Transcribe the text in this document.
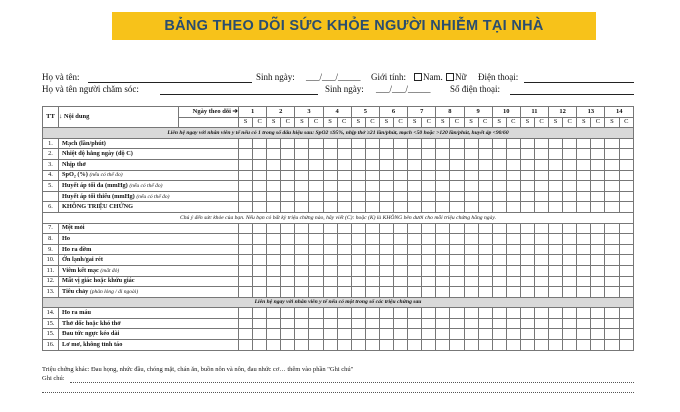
BẢNG THEO DÕI SỨC KHỎE NGƯỜI NHIỄM TẠI NHÀ
Họ và tên:	Sinh ngày: ___/___/_____ Giới tính:	Nam. Nữ Điện thoại:
Họ và tên người chăm sóc:	Sinh ngày: ___/___/_____ Số điện thoại:
TT	↓ Nội dung	Ngày theo dõi ➔	1		2		3		4		5		6		7		8		9		10		11		12		13		14	
			S	C	S	C	S	C	S	C	S	C	S	C	S	C	S	C	S	C	S	C	S	C	S	C	S	C	S	C
Liên hệ ngay với nhân viên y tế nếu có 1 trong số dấu hiệu sau: SpO2 ≤95%, nhịp thở ≥21 lần/phút, mạch <50 hoặc >120 lần/phút, huyết áp <90/60																														
1.	Mạch (lần/phút)																													
2.	Nhiệt độ hằng ngày (độ C)																													
3.	Nhịp thở																													
4.	SpO₂ (%) (nếu có thể đo)																													
5.	Huyết áp tối đa (mmHg) (nếu có thể đo)																													
	Huyết áp tối thiểu (mmHg) (nếu có thể đo)																													
6.	KHÔNG TRIỆU CHỨNG																													
Chú ý đến sức khỏe của bạn. Nếu bạn có bất kỳ triệu chứng nào, hãy viết (C): hoặc (K) là KHÔNG bên dưới cho mỗi triệu chứng hằng ngày.																														
7.	Mệt mỏi																													
8.	Ho																													
9.	Ho ra đờm																													
10.	Ớn lạnh/gai rét																													
11.	Viêm kết mạc (mắt đỏ)																													
12.	Mất vị giác hoặc khứu giác																													
13.	Tiêu chảy (phân lỏng / đi ngoài)																													
Liên hệ ngay với nhân viên y tế nếu có một trong số các triệu chứng sau																														
14.	Ho ra máu																													
15.	Thở dốc hoặc khó thở																													
15.	Đau tức ngực kéo dài																													
16.	Lơ mơ, không tỉnh táo																													
Triệu chứng khác: Đau họng, nhức đầu, chóng mặt, chán ăn, buồn nôn và nôn, đau nhức cơ… thêm vào phần "Ghi chú"
Ghi chú:
